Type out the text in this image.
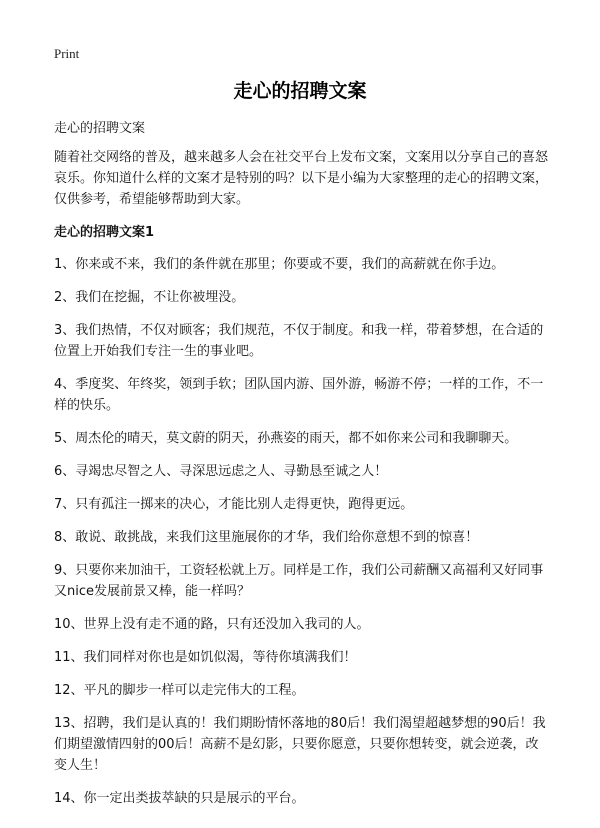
Print
走心的招聘文案

走心的招聘文案

随着社交网络的普及，越来越多人会在社交平台上发布文案，文案用以分享自己的喜怒哀乐。你知道什么样的文案才是特别的吗？以下是小编为大家整理的走心的招聘文案，仅供参考，希望能够帮助到大家。

走心的招聘文案1

1、你来或不来，我们的条件就在那里；你要或不要，我们的高薪就在你手边。

2、我们在挖掘，不让你被埋没。

3、我们热情，不仅对顾客；我们规范，不仅于制度。和我一样，带着梦想，在合适的位置上开始我们专注一生的事业吧。

4、季度奖、年终奖，领到手软；团队国内游、国外游，畅游不停；一样的工作，不一样的快乐。

5、周杰伦的晴天，莫文蔚的阴天，孙燕姿的雨天，都不如你来公司和我聊聊天。

6、寻竭忠尽智之人、寻深思远虑之人、寻勤恳至诚之人！

7、只有孤注一掷来的决心，才能比别人走得更快，跑得更远。

8、敢说、敢挑战，来我们这里施展你的才华，我们给你意想不到的惊喜！

9、只要你来加油干，工资轻松就上万。同样是工作，我们公司薪酬又高福利又好同事又nice发展前景又棒，能一样吗？

10、世界上没有走不通的路，只有还没加入我司的人。

11、我们同样对你也是如饥似渴，等待你填满我们！

12、平凡的脚步一样可以走完伟大的工程。

13、招聘，我们是认真的！我们期盼情怀落地的80后！我们渴望超越梦想的90后！我们期望激情四射的00后！高薪不是幻影，只要你愿意，只要你想转变，就会逆袭，改变人生！

14、你一定出类拔萃缺的只是展示的平台。
